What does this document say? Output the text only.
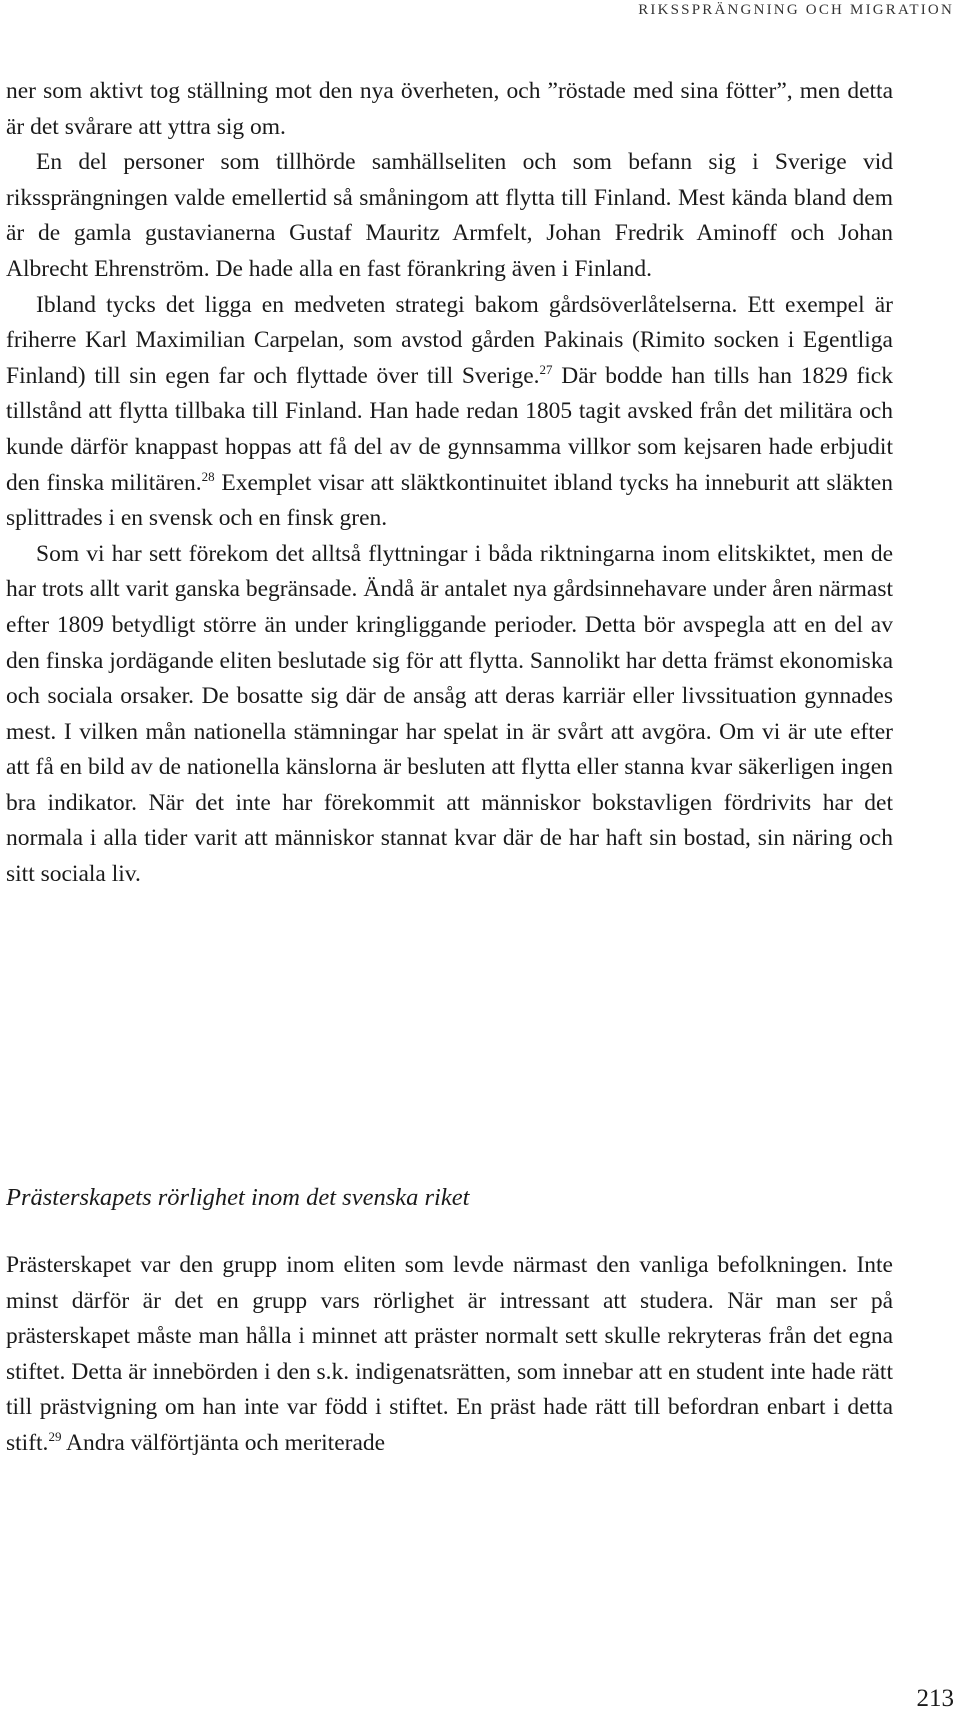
RIKSSPRÄNGNING OCH MIGRATION

ner som aktivt tog ställning mot den nya överheten, och ”röstade med sina fötter”, men detta är det svårare att yttra sig om.

En del personer som tillhörde samhällseliten och som befann sig i Sverige vid rikssprängningen valde emellertid så småningom att flytta till Finland. Mest kända bland dem är de gamla gustavianerna Gustaf Mauritz Armfelt, Johan Fredrik Aminoff och Johan Albrecht Ehrenström. De hade alla en fast förankring även i Finland.

Ibland tycks det ligga en medveten strategi bakom gårdsöverlåtelserna. Ett exempel är friherre Karl Maximilian Carpelan, som avstod gården Pakinais (Rimito socken i Egentliga Finland) till sin egen far och flyttade över till Sverige.$^{27}$ Där bodde han tills han 1829 fick tillstånd att flytta tillbaka till Finland. Han hade redan 1805 tagit avsked från det militära och kunde därför knappast hoppas att få del av de gynnsamma villkor som kejsaren hade erbjudit den finska militären.$^{28}$ Exemplet visar att släktkontinuitet ibland tycks ha inneburit att släkten splittrades i en svensk och en finsk gren.

Som vi har sett förekom det alltså flyttningar i båda riktningarna inom elitskiktet, men de har trots allt varit ganska begränsade. Ändå är antalet nya gårdsinnehavare under åren närmast efter 1809 betydligt större än under kringliggande perioder. Detta bör avspegla att en del av den finska jordägande eliten beslutade sig för att flytta. Sannolikt har detta främst ekonomiska och sociala orsaker. De bosatte sig där de ansåg att deras karriär eller livssituation gynnades mest. I vilken mån nationella stämningar har spelat in är svårt att avgöra. Om vi är ute efter att få en bild av de nationella känslorna är besluten att flytta eller stanna kvar säkerligen ingen bra indikator. När det inte har förekommit att människor bokstavligen fördrivits har det normala i alla tider varit att människor stannat kvar där de har haft sin bostad, sin näring och sitt sociala liv.

Prästerskapets rörlighet inom det svenska riket

Prästerskapet var den grupp inom eliten som levde närmast den vanliga befolkningen. Inte minst därför är det en grupp vars rörlighet är intressant att studera. När man ser på prästerskapet måste man hålla i minnet att präster normalt sett skulle rekryteras från det egna stiftet. Detta är innebörden i den s.k. indigenatsrätten, som innebar att en student inte hade rätt till prästvigning om han inte var född i stiftet. En präst hade rätt till befordran enbart i detta stift.$^{29}$ Andra välförtjänta och meriterade

213
